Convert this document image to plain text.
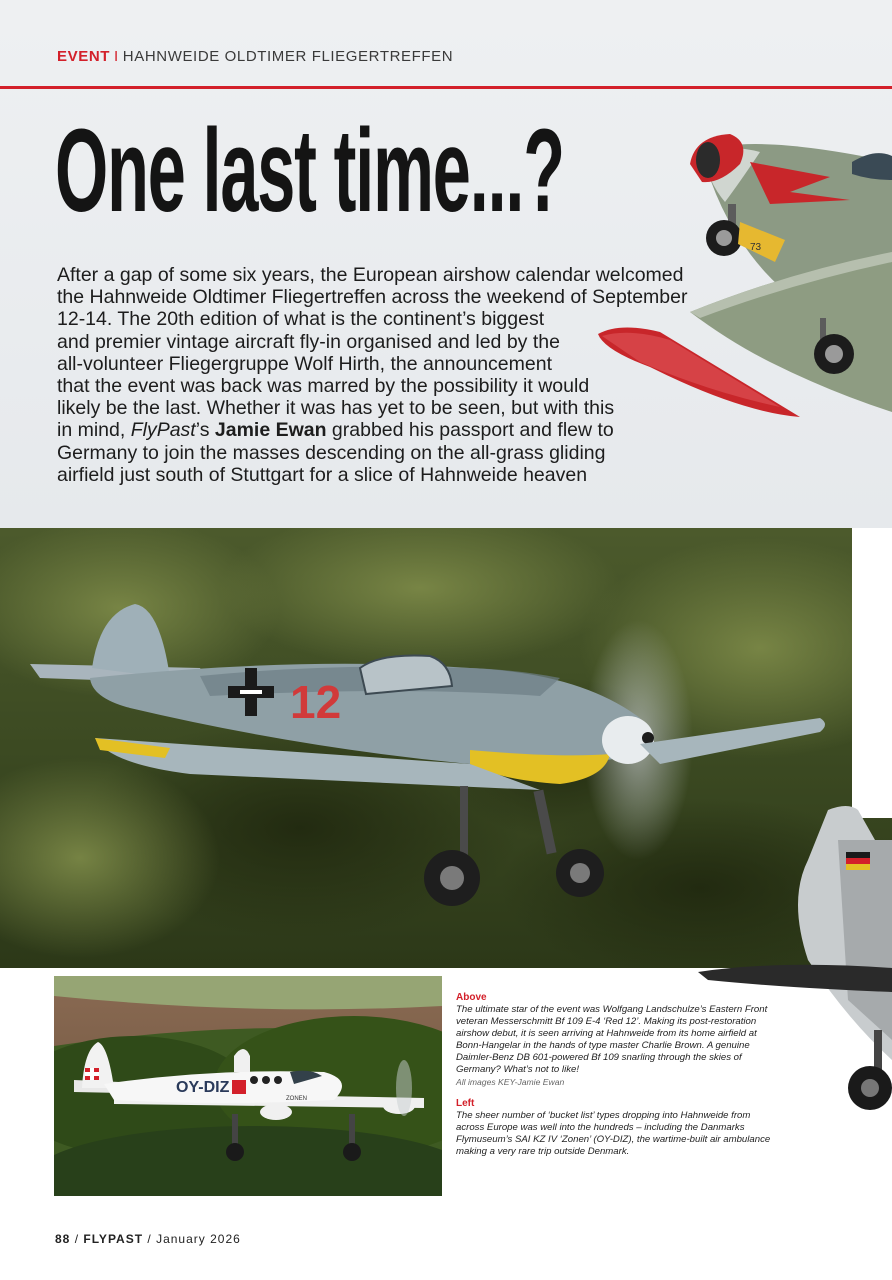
EVENT I HAHNWEIDE OLDTIMER FLIEGERTREFFEN
73
One last time...?

After a gap of some six years, the European airshow calendar welcomed

the Hahnweide Oldtimer Fliegertreffen across the weekend of September

12-14. The 20th edition of what is the continent’s biggest

and premier vintage aircraft fly-in organised and led by the

all-volunteer Fliegergruppe Wolf Hirth, the announcement

that the event was back was marred by the possibility it would

likely be the last. Whether it was has yet to be seen, but with this

in mind, FlyPast’s Jamie Ewan grabbed his passport and flew to

Germany to join the masses descending on the all-grass gliding

airfield just south of Stuttgart for a slice of Hahnweide heaven

12
OY-DIZ
ZONEN

Above

The ultimate star of the event was Wolfgang Landschulze’s Eastern Front veteran Messerschmitt Bf 109 E-4 ‘Red 12’. Making its post-restoration airshow debut, it is seen arriving at Hahnweide from its home airfield at Bonn-Hangelar in the hands of type master Charlie Brown. A genuine Daimler-Benz DB 601-powered Bf 109 snarling through the skies of Germany? What’s not to like!

All images KEY-Jamie Ewan

Left

The sheer number of ‘bucket list’ types dropping into Hahnweide from across Europe was well into the hundreds – including the Danmarks Flymuseum’s SAI KZ IV ‘Zonen’ (OY-DIZ), the wartime-built air ambulance making a very rare trip outside Denmark.

88 / FLYPAST / January 2026
